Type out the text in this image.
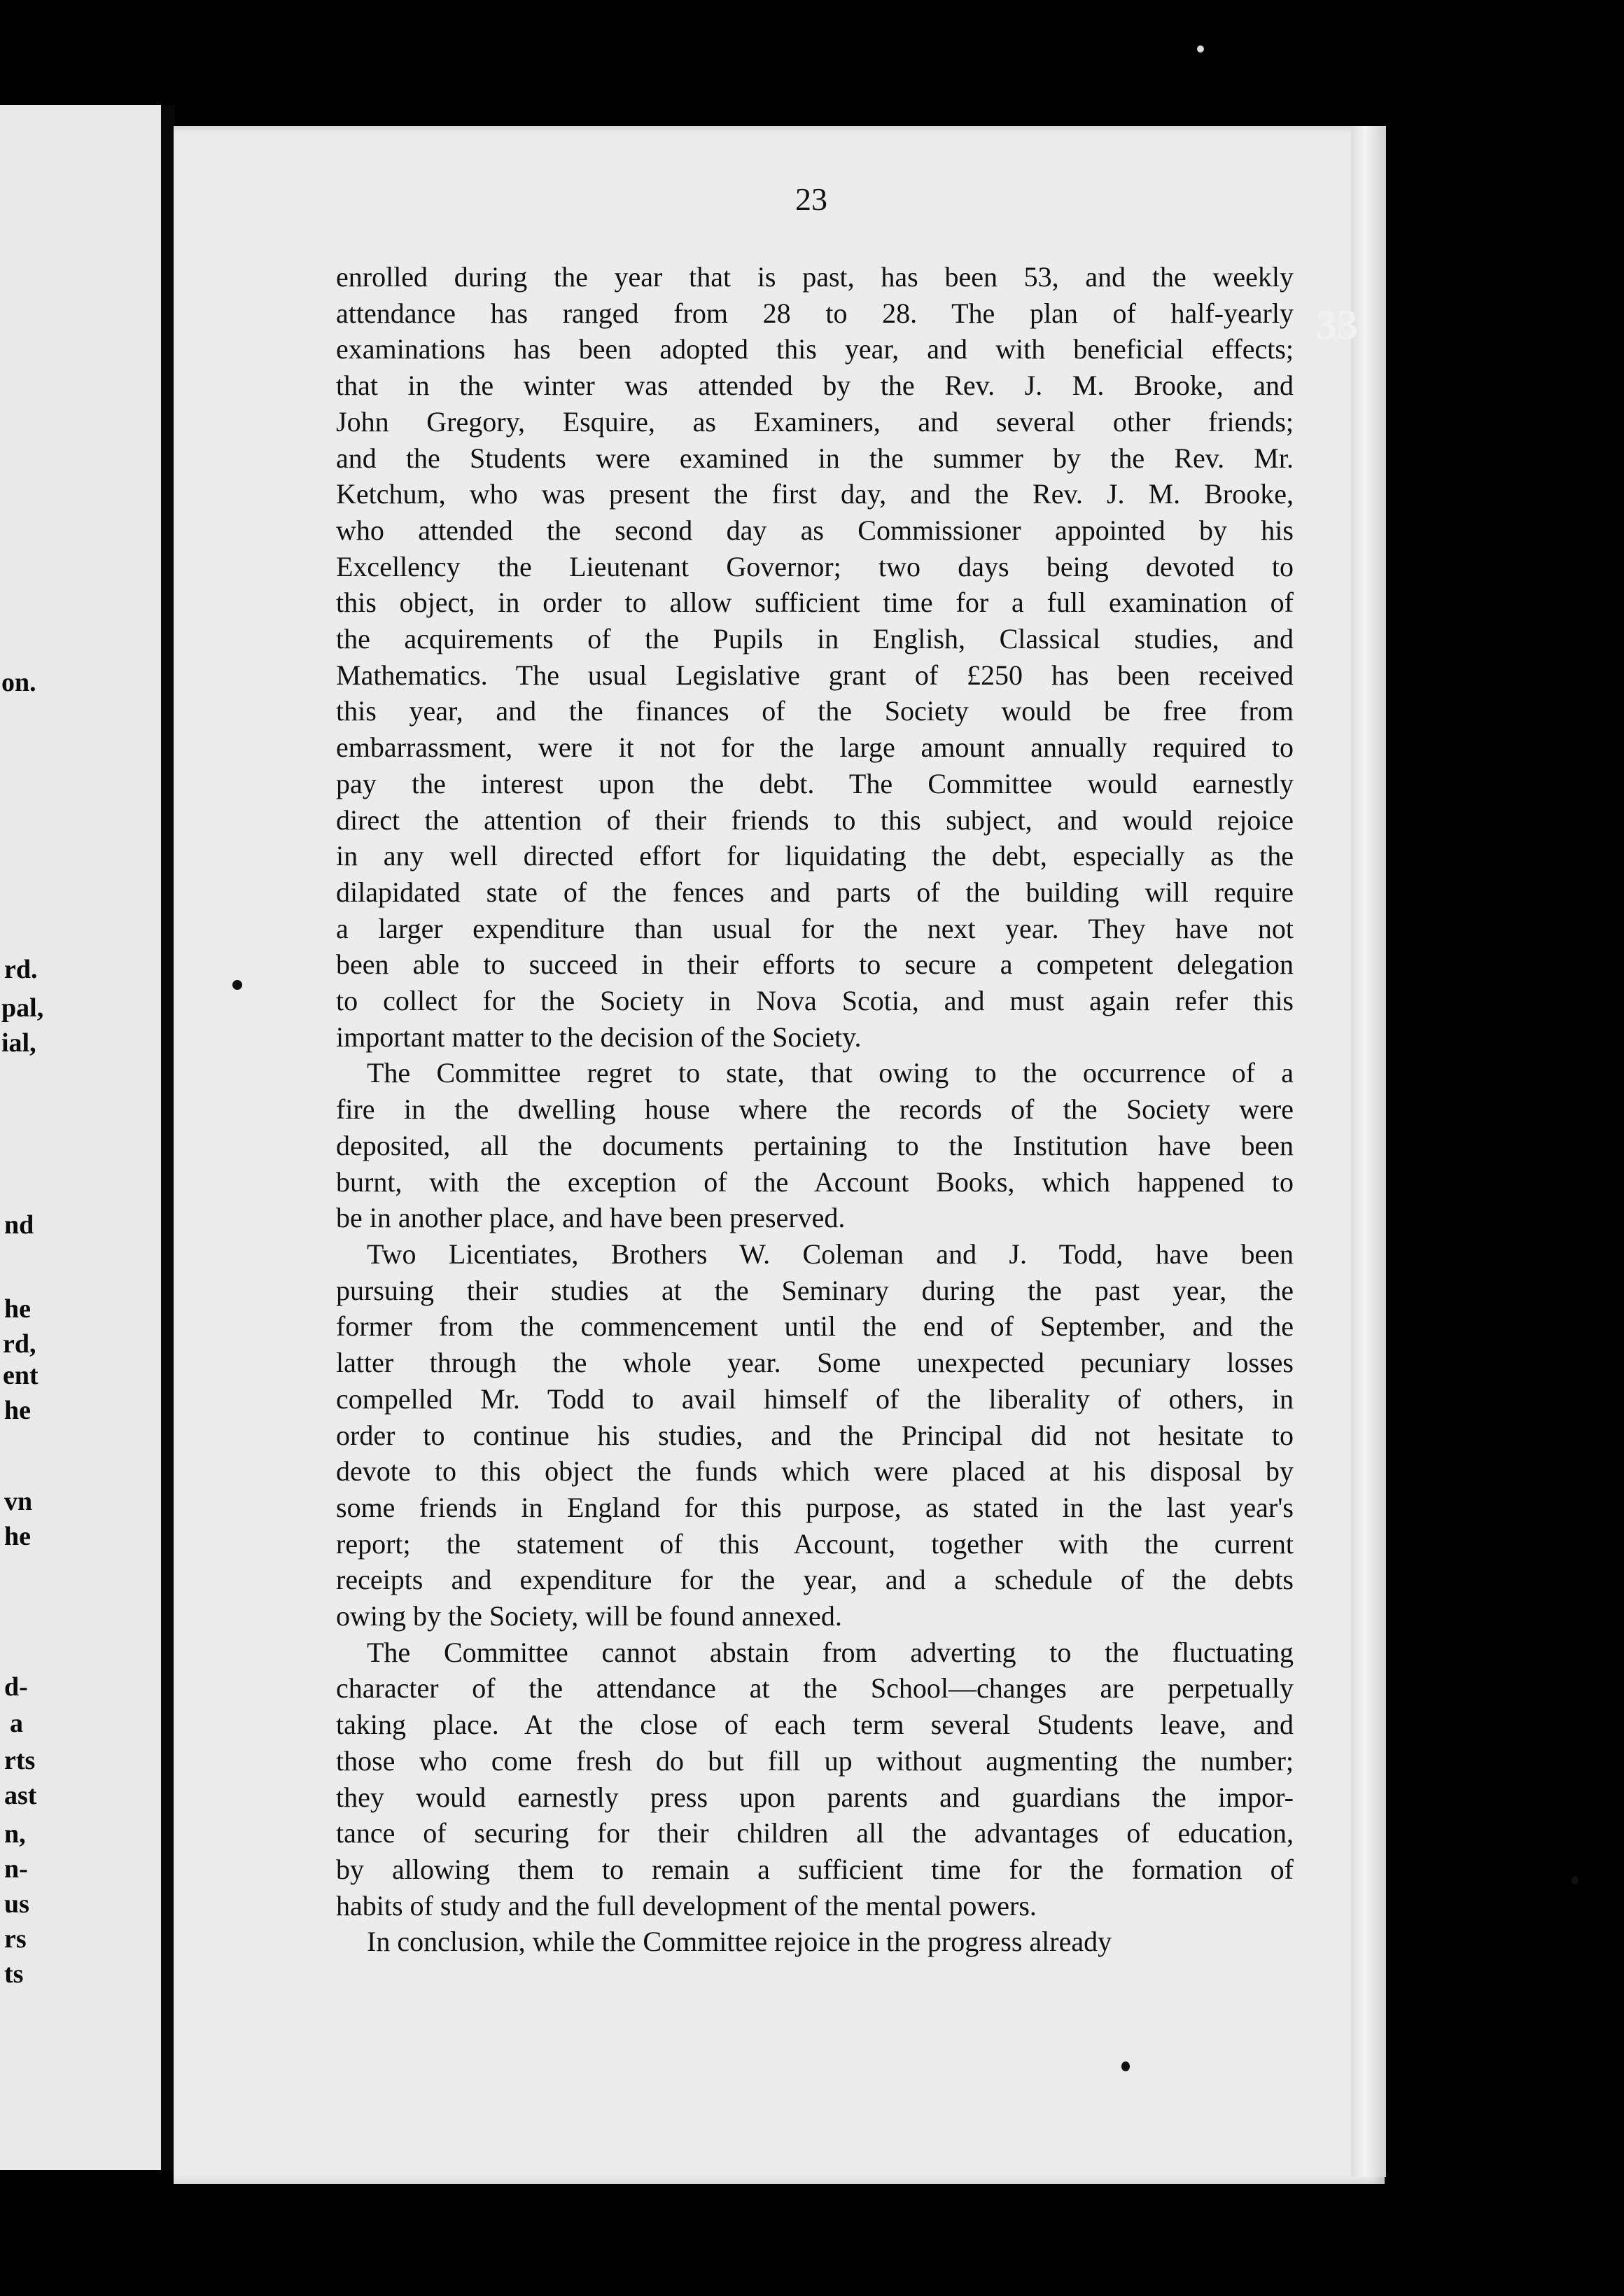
on.
rd.
pal,
ial,
nd
he
rd,
ent
he
vn
he
d-
a
rts
ast
n,
n-
us
rs
ts
23
33
enrolled during the year that is past, has been 53, and the weekly
attendance has ranged from 28 to 28. The plan of half-yearly
examinations has been adopted this year, and with beneficial effects;
that in the winter was attended by the Rev. J. M. Brooke, and
John Gregory, Esquire, as Examiners, and several other friends;
and the Students were examined in the summer by the Rev. Mr.
Ketchum, who was present the first day, and the Rev. J. M. Brooke,
who attended the second day as Commissioner appointed by his
Excellency the Lieutenant Governor; two days being devoted to
this object, in order to allow sufficient time for a full examination of
the acquirements of the Pupils in English, Classical studies, and
Mathematics. The usual Legislative grant of £250 has been received
this year, and the finances of the Society would be free from
embarrassment, were it not for the large amount annually required to
pay the interest upon the debt. The Committee would earnestly
direct the attention of their friends to this subject, and would rejoice
in any well directed effort for liquidating the debt, especially as the
dilapidated state of the fences and parts of the building will require
a larger expenditure than usual for the next year. They have not
been able to succeed in their efforts to secure a competent delegation
to collect for the Society in Nova Scotia, and must again refer this
important matter to the decision of the Society.
The Committee regret to state, that owing to the occurrence of a
fire in the dwelling house where the records of the Society were
deposited, all the documents pertaining to the Institution have been
burnt, with the exception of the Account Books, which happened to
be in another place, and have been preserved.
Two Licentiates, Brothers W. Coleman and J. Todd, have been
pursuing their studies at the Seminary during the past year, the
former from the commencement until the end of September, and the
latter through the whole year. Some unexpected pecuniary losses
compelled Mr. Todd to avail himself of the liberality of others, in
order to continue his studies, and the Principal did not hesitate to
devote to this object the funds which were placed at his disposal by
some friends in England for this purpose, as stated in the last year's
report; the statement of this Account, together with the current
receipts and expenditure for the year, and a schedule of the debts
owing by the Society, will be found annexed.
The Committee cannot abstain from adverting to the fluctuating
character of the attendance at the School—changes are perpetually
taking place. At the close of each term several Students leave, and
those who come fresh do but fill up without augmenting the number;
they would earnestly press upon parents and guardians the impor-
tance of securing for their children all the advantages of education,
by allowing them to remain a sufficient time for the formation of
habits of study and the full development of the mental powers.
In conclusion, while the Committee rejoice in the progress already
